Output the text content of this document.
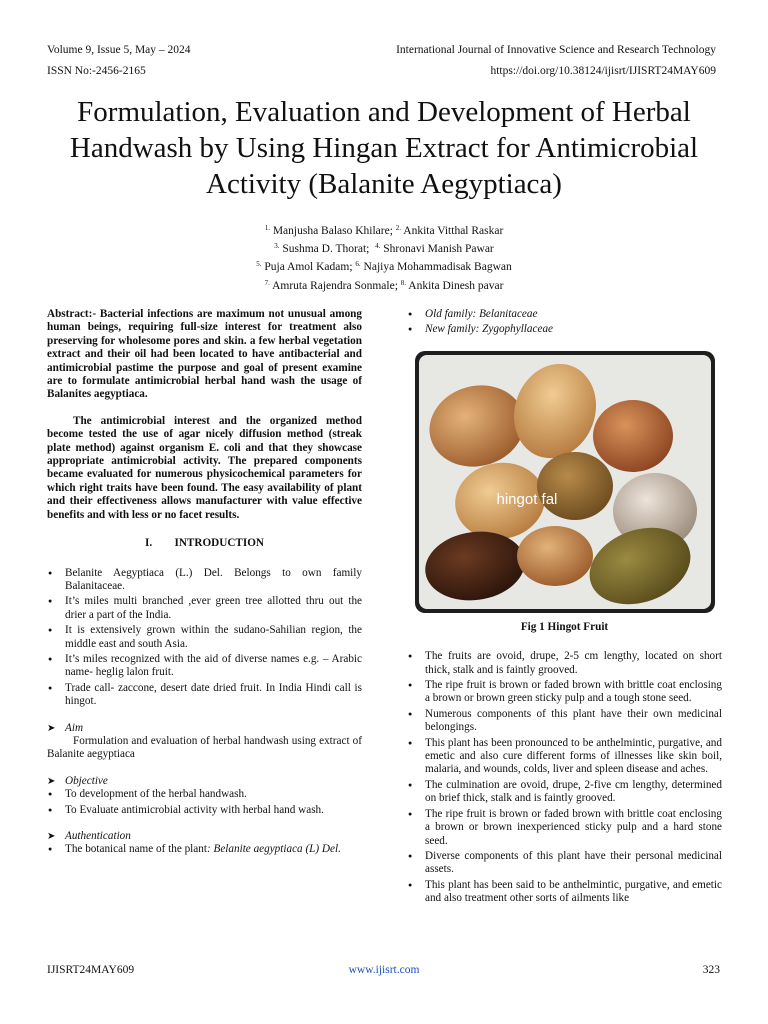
Volume 9, Issue 5, May – 2024	International Journal of Innovative Science and Research Technology
ISSN No:-2456-2165	https://doi.org/10.38124/ijisrt/IJISRT24MAY609
Formulation, Evaluation and Development of Herbal Handwash by Using Hingan Extract for Antimicrobial Activity (Balanite Aegyptiaca)
$^{1.}$ Manjusha Balaso Khilare; $^{2.}$ Ankita Vitthal Raskar
$^{3.}$ Sushma D. Thorat; $^{4.}$ Shronavi Manish Pawar
$^{5.}$ Puja Amol Kadam; $^{6.}$ Najiya Mohammadisak Bagwan
$^{7.}$ Amruta Rajendra Sonmale; $^{8.}$ Ankita Dinesh pavar
Abstract:- Bacterial infections are maximum not unusual among human beings, requiring full-size interest for treatment also preserving for wholesome pores and skin. a few herbal vegetation extract and their oil had been located to have antibacterial and antimicrobial pastime the purpose and goal of present examine are to formulate antimicrobial herbal hand wash the usage of Balanites aegyptiaca.
The antimicrobial interest and the organized method become tested the use of agar nicely diffusion method (streak plate method) against organism E. coli and that they showcase appropriate antimicrobial activity. The prepared components became evaluated for numerous physicochemical parameters for which right traits have been found. The easy availability of plant and their effectiveness allows manufacturer with value effective benefits and with less or no facet results.
I. INTRODUCTION
● Belanite Aegyptiaca (L.) Del. Belongs to own family Balanitaceae.
● It’s miles multi branched ,ever green tree allotted thru out the drier a part of the India.
● It is extensively grown within the sudano-Sahilian region, the middle east and south Asia.
● It’s miles recognized with the aid of diverse names e.g. – Arabic name- heglig lalon fruit.
● Trade call- zaccone, desert date dried fruit. In India Hindi call is hingot.
➤ Aim
Formulation and evaluation of herbal handwash using extract of Balanite aegyptiaca
➤ Objective
● To development of the herbal handwash.
● To Evaluate antimicrobial activity with herbal hand wash.
➤ Authentication
● The botanical name of the plant: Belanite aegyptiaca (L) Del.
● Old family: Belanitaceae
● New family: Zygophyllaceae
hingot fal
Fig 1 Hingot Fruit
● The fruits are ovoid, drupe, 2-5 cm lengthy, located on short thick, stalk and is faintly grooved.
● The ripe fruit is brown or faded brown with brittle coat enclosing a brown or brown green sticky pulp and a tough stone seed.
● Numerous components of this plant have their own medicinal belongings.
● This plant has been pronounced to be anthelmintic, purgative, and emetic and also cure different forms of illnesses like skin boil, malaria, and wounds, colds, liver and spleen disease and aches.
● The culmination are ovoid, drupe, 2-five cm lengthy, determined on brief thick, stalk and is faintly grooved.
● The ripe fruit is brown or faded brown with brittle coat enclosing a brown or brown inexperienced sticky pulp and a hard stone seed.
● Diverse components of this plant have their personal medicinal assets.
● This plant has been said to be anthelmintic, purgative, and emetic and also treatment other sorts of ailments like
IJISRT24MAY609	www.ijisrt.com	323
